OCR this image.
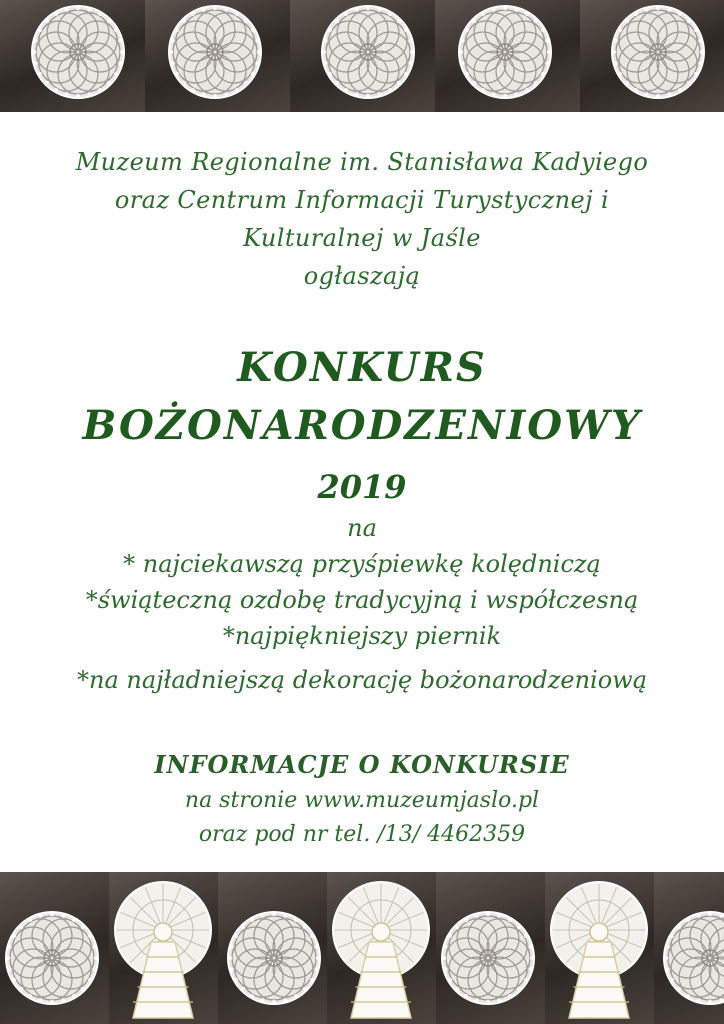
Muzeum Regionalne im. Stanisława Kadyiego
oraz Centrum Informacji Turystycznej i
Kulturalnej w Jaśle
ogłaszają
KONKURS
BOŻONARODZENIOWY
2019
na
* najciekawszą przyśpiewkę kolędniczą
*świąteczną ozdobę tradycyjną i współczesną
*najpiękniejszy piernik
*na najładniejszą dekorację bożonarodzeniową
INFORMACJE O KONKURSIE
na stronie www.muzeumjaslo.pl
oraz pod nr tel. /13/ 4462359
